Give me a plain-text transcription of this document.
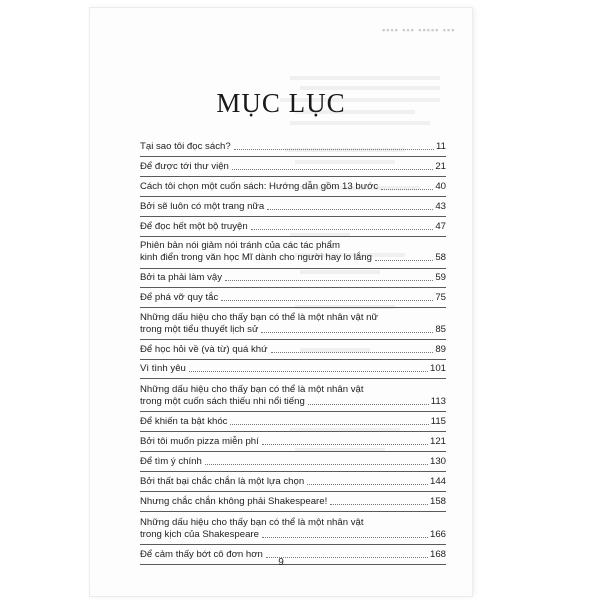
▪▪▪ ▪▪▪▪▪ ▪▪▪ ▪▪▪▪
MỤC LỤC
Tại sao tôi đọc sách?	11
Để được tới thư viện	21
Cách tôi chọn một cuốn sách: Hướng dẫn gồm 13 bước	40
Bởi sẽ luôn có một trang nữa	43
Để đọc hết một bộ truyện	47
Phiên bản nói giảm nói tránh của các tác phẩm
kinh điển trong văn học Mĩ dành cho người hay lo lắng	58
Bởi ta phải làm vậy	59
Để phá vỡ quy tắc	75
Những dấu hiệu cho thấy bạn có thể là một nhân vật nữ
trong một tiểu thuyết lịch sử	85
Để học hỏi về (và từ) quá khứ	89
Vì tình yêu	101
Những dấu hiệu cho thấy bạn có thể là một nhân vật
trong một cuốn sách thiếu nhi nổi tiếng	113
Để khiến ta bật khóc	115
Bởi tôi muốn pizza miễn phí	121
Để tìm ý chính	130
Bởi thất bại chắc chắn là một lựa chọn	144
Nhưng chắc chắn không phải Shakespeare!	158
Những dấu hiệu cho thấy bạn có thể là một nhân vật
trong kịch của Shakespeare	166
Để cảm thấy bớt cô đơn hơn	168
9
